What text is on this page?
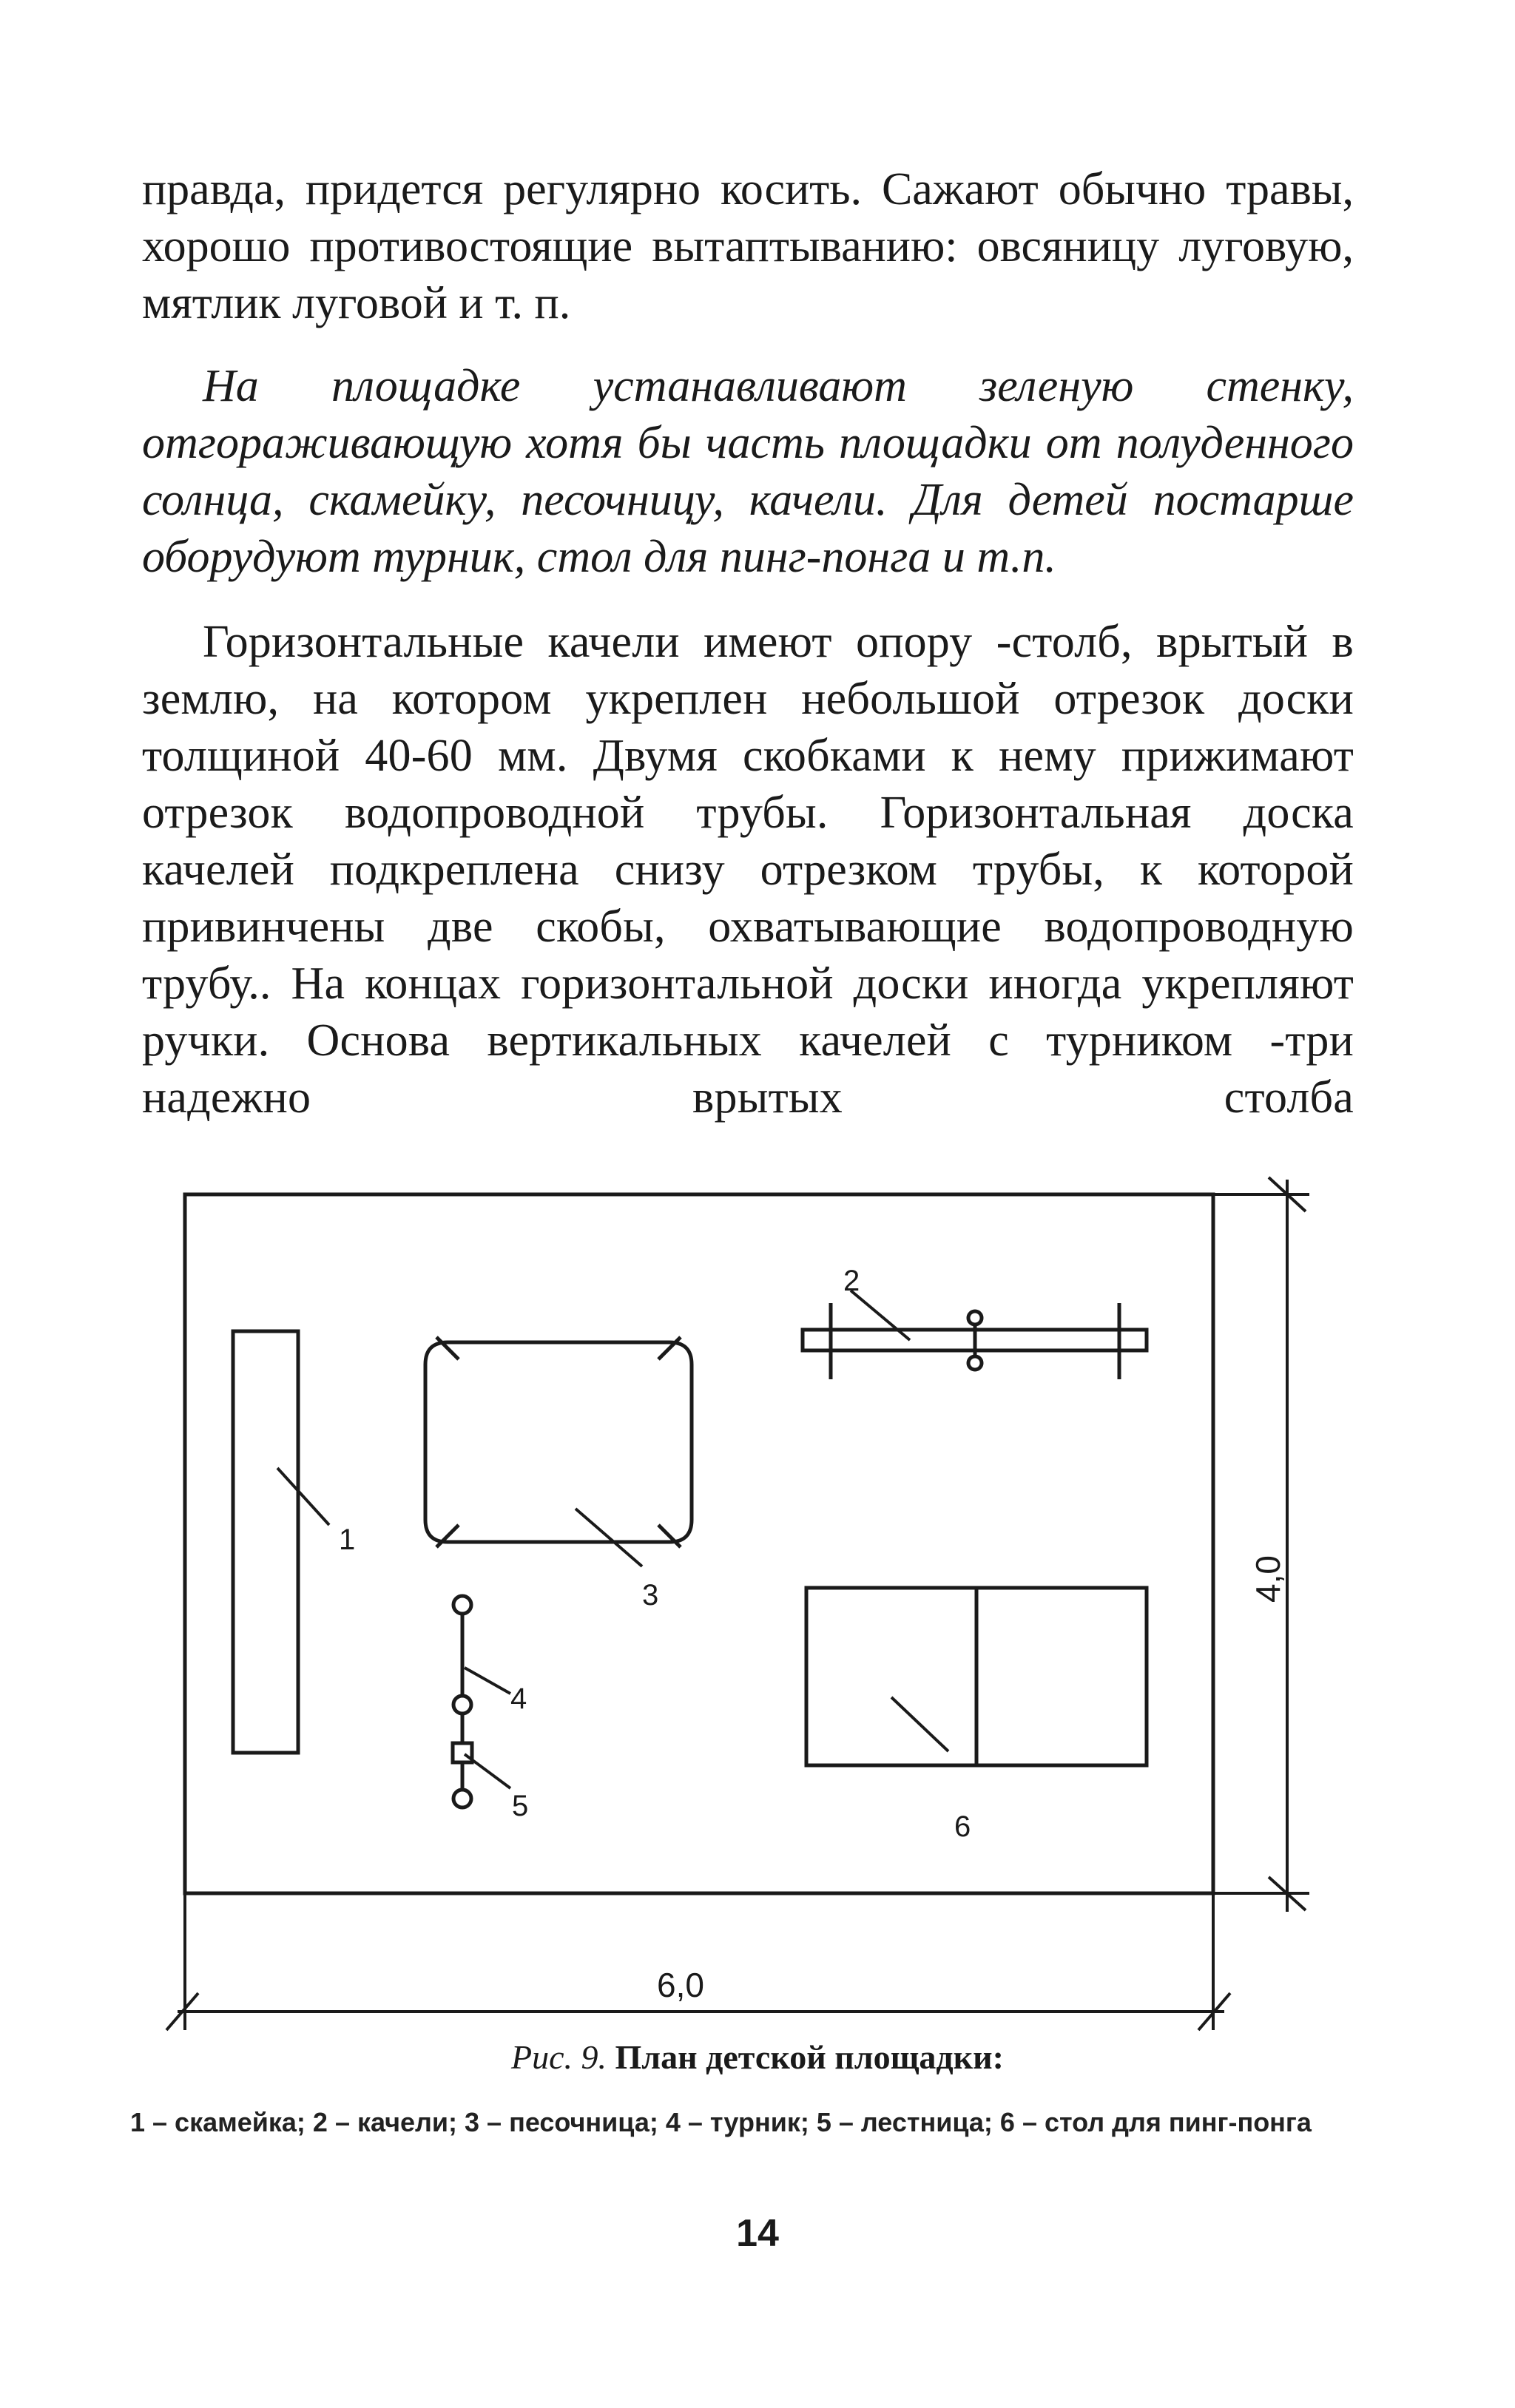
правда, придется регулярно косить. Сажают обычно травы, хорошо противостоящие вытаптыванию: овсяницу луговую, мятлик луговой и т. п.

На площадке устанавливают зеленую стенку, отгораживающую хотя бы часть площадки от полуденного солнца, скамейку, песочницу, качели. Для детей постарше оборудуют турник, стол для пинг-понга и т.п.

Горизонтальные качели имеют опору -столб, врытый в землю, на котором укреплен небольшой отрезок доски толщиной 40-60 мм. Двумя скобками к нему прижимают отрезок водопроводной трубы. Горизонтальная доска качелей подкреплена снизу отрезком трубы, к которой привинчены две скобы, охватывающие водопроводную трубу.. На концах горизонтальной доски иногда укрепляют ручки. Основа вертикальных качелей с турником -три надежно врытых столба

1
2
3
4
5
6
6,0
4,0
Рис. 9. План детской площадки:
1 – скамейка; 2 – качели; 3 – песочница; 4 – турник; 5 – лестница; 6 – стол для пинг-понга
14
